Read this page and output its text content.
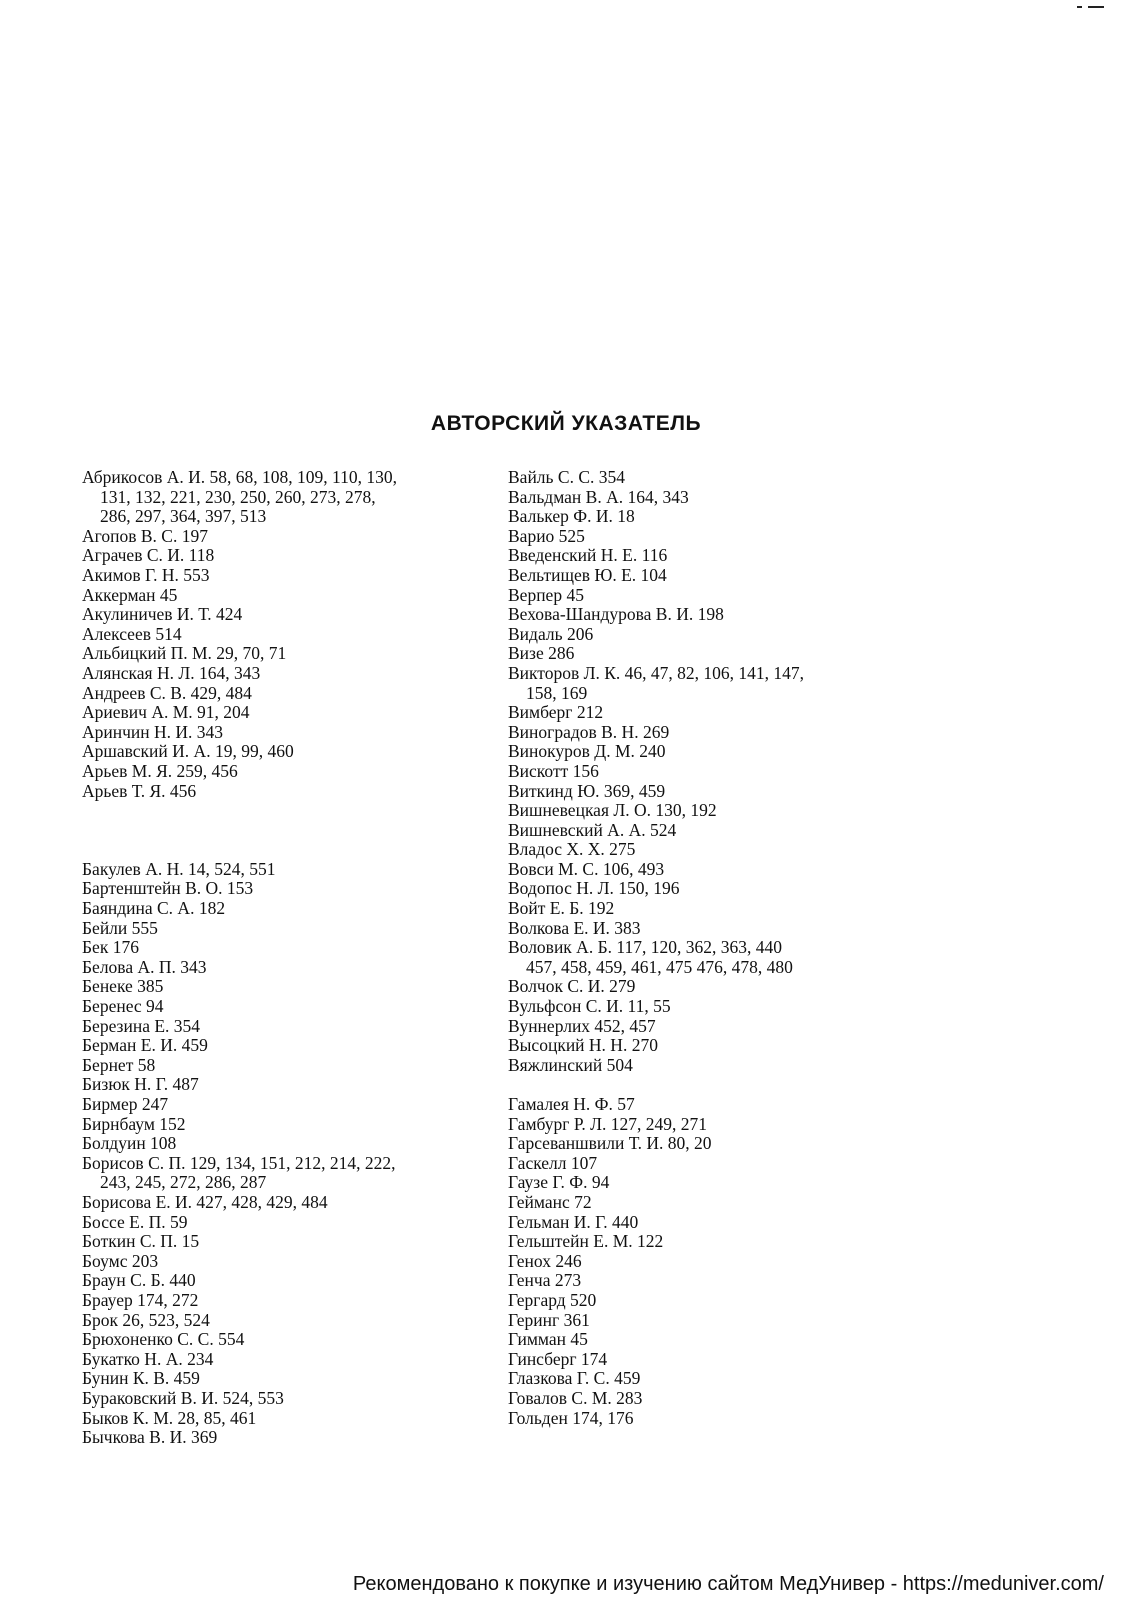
АВТОРСКИЙ УКАЗАТЕЛЬ

Абрикосов А. И. 58, 68, 108, 109, 110, 130,

131, 132, 221, 230, 250, 260, 273, 278,

286, 297, 364, 397, 513

Агопов В. С. 197

Аграчев С. И. 118

Акимов Г. Н. 553

Аккерман 45

Акулиничев И. Т. 424

Алексеев 514

Альбицкий П. М. 29, 70, 71

Алянская Н. Л. 164, 343

Андреев С. В. 429, 484

Ариевич А. М. 91, 204

Аринчин Н. И. 343

Аршавский И. А. 19, 99, 460

Арьев М. Я. 259, 456

Арьев Т. Я. 456

Бакулев А. Н. 14, 524, 551

Бартенштейн В. О. 153

Баяндина С. А. 182

Бейли 555

Бек 176

Белова А. П. 343

Бенеке 385

Беренес 94

Березина Е. 354

Берман Е. И. 459

Бернет 58

Бизюк Н. Г. 487

Бирмер 247

Бирнбаум 152

Болдуин 108

Борисов С. П. 129, 134, 151, 212, 214, 222,

243, 245, 272, 286, 287

Борисова Е. И. 427, 428, 429, 484

Боссе Е. П. 59

Боткин С. П. 15

Боумс 203

Браун С. Б. 440

Брауер 174, 272

Брок 26, 523, 524

Брюхоненко С. С. 554

Букатко Н. А. 234

Бунин К. В. 459

Бураковский В. И. 524, 553

Быков К. М. 28, 85, 461

Бычкова В. И. 369

Вайль С. С. 354

Вальдман В. А. 164, 343

Валькер Ф. И. 18

Варио 525

Введенский Н. Е. 116

Вельтищев Ю. Е. 104

Верпер 45

Вехова-Шандурова В. И. 198

Видаль 206

Визе 286

Викторов Л. К. 46, 47, 82, 106, 141, 147,

158, 169

Вимберг 212

Виноградов В. Н. 269

Винокуров Д. М. 240

Вискотт 156

Виткинд Ю. 369, 459

Вишневецкая Л. О. 130, 192

Вишневский А. А. 524

Владос Х. Х. 275

Вовси М. С. 106, 493

Водопос Н. Л. 150, 196

Войт Е. Б. 192

Волкова Е. И. 383

Воловик А. Б. 117, 120, 362, 363, 440

457, 458, 459, 461, 475 476, 478, 480

Волчок С. И. 279

Вульфсон С. И. 11, 55

Вуннерлих 452, 457

Высоцкий Н. Н. 270

Вяжлинский 504

Гамалея Н. Ф. 57

Гамбург Р. Л. 127, 249, 271

Гарсеваншвили Т. И. 80, 20

Гаскелл 107

Гаузе Г. Ф. 94

Гейманс 72

Гельман И. Г. 440

Гельштейн Е. М. 122

Генох 246

Генча 273

Гергард 520

Геринг 361

Гимман 45

Гинсберг 174

Глазкова Г. С. 459

Говалов С. М. 283

Гольден 174, 176

Рекомендовано к покупке и изучению сайтом МедУнивер - https://meduniver.com/
